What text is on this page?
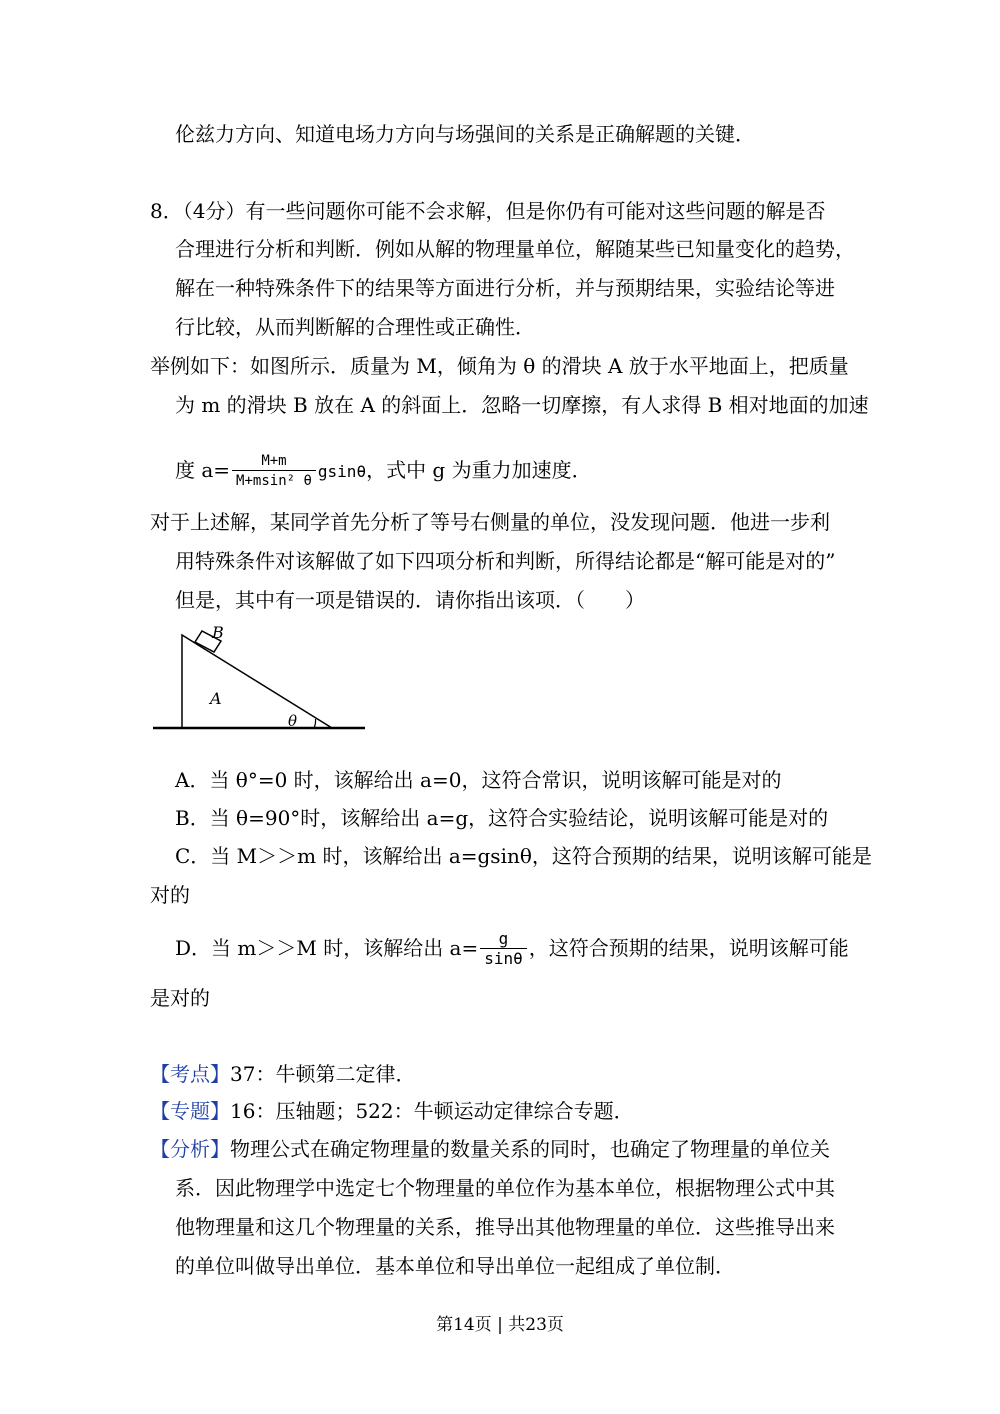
伦兹力方向、知道电场力方向与场强间的关系是正确解题的关键．
8．（4分）有一些问题你可能不会求解，但是你仍有可能对这些问题的解是否
合理进行分析和判断．例如从解的物理量单位，解随某些已知量变化的趋势，
解在一种特殊条件下的结果等方面进行分析，并与预期结果，实验结论等进
行比较，从而判断解的合理性或正确性．
举例如下：如图所示．质量为 M，倾角为 θ 的滑块 A 放于水平地面上，把质量
为 m 的滑块 B 放在 A 的斜面上．忽略一切摩擦，有人求得 B 相对地面的加速
度 $a= \frac{M+m}{\text{M+msin² θ}}$ gsinθ，式中 g 为重力加速度．
对于上述解，某同学首先分析了等号右侧量的单位，没发现问题．他进一步利
用特殊条件对该解做了如下四项分析和判断，所得结论都是“解可能是对的”
但是，其中有一项是错误的．请你指出该项．（　　）
B
A
θ
A．当 θ°=0 时，该解给出 a=0，这符合常识，说明该解可能是对的
B．当 θ=90°时，该解给出 a=g，这符合实验结论，说明该解可能是对的
C．当 M＞＞m 时，该解给出 a=gsinθ，这符合预期的结果，说明该解可能是
对的
D．当 m＞＞M 时，该解给出 $a= \frac{g}{\sin\theta}$ ，这符合预期的结果，说明该解可能
是对的
【考点】37：牛顿第二定律．
【专题】16：压轴题；522：牛顿运动定律综合专题．
【分析】物理公式在确定物理量的数量关系的同时，也确定了物理量的单位关
系．因此物理学中选定七个物理量的单位作为基本单位，根据物理公式中其
他物理量和这几个物理量的关系，推导出其他物理量的单位．这些推导出来
的单位叫做导出单位．基本单位和导出单位一起组成了单位制．
第14页 | 共23页
